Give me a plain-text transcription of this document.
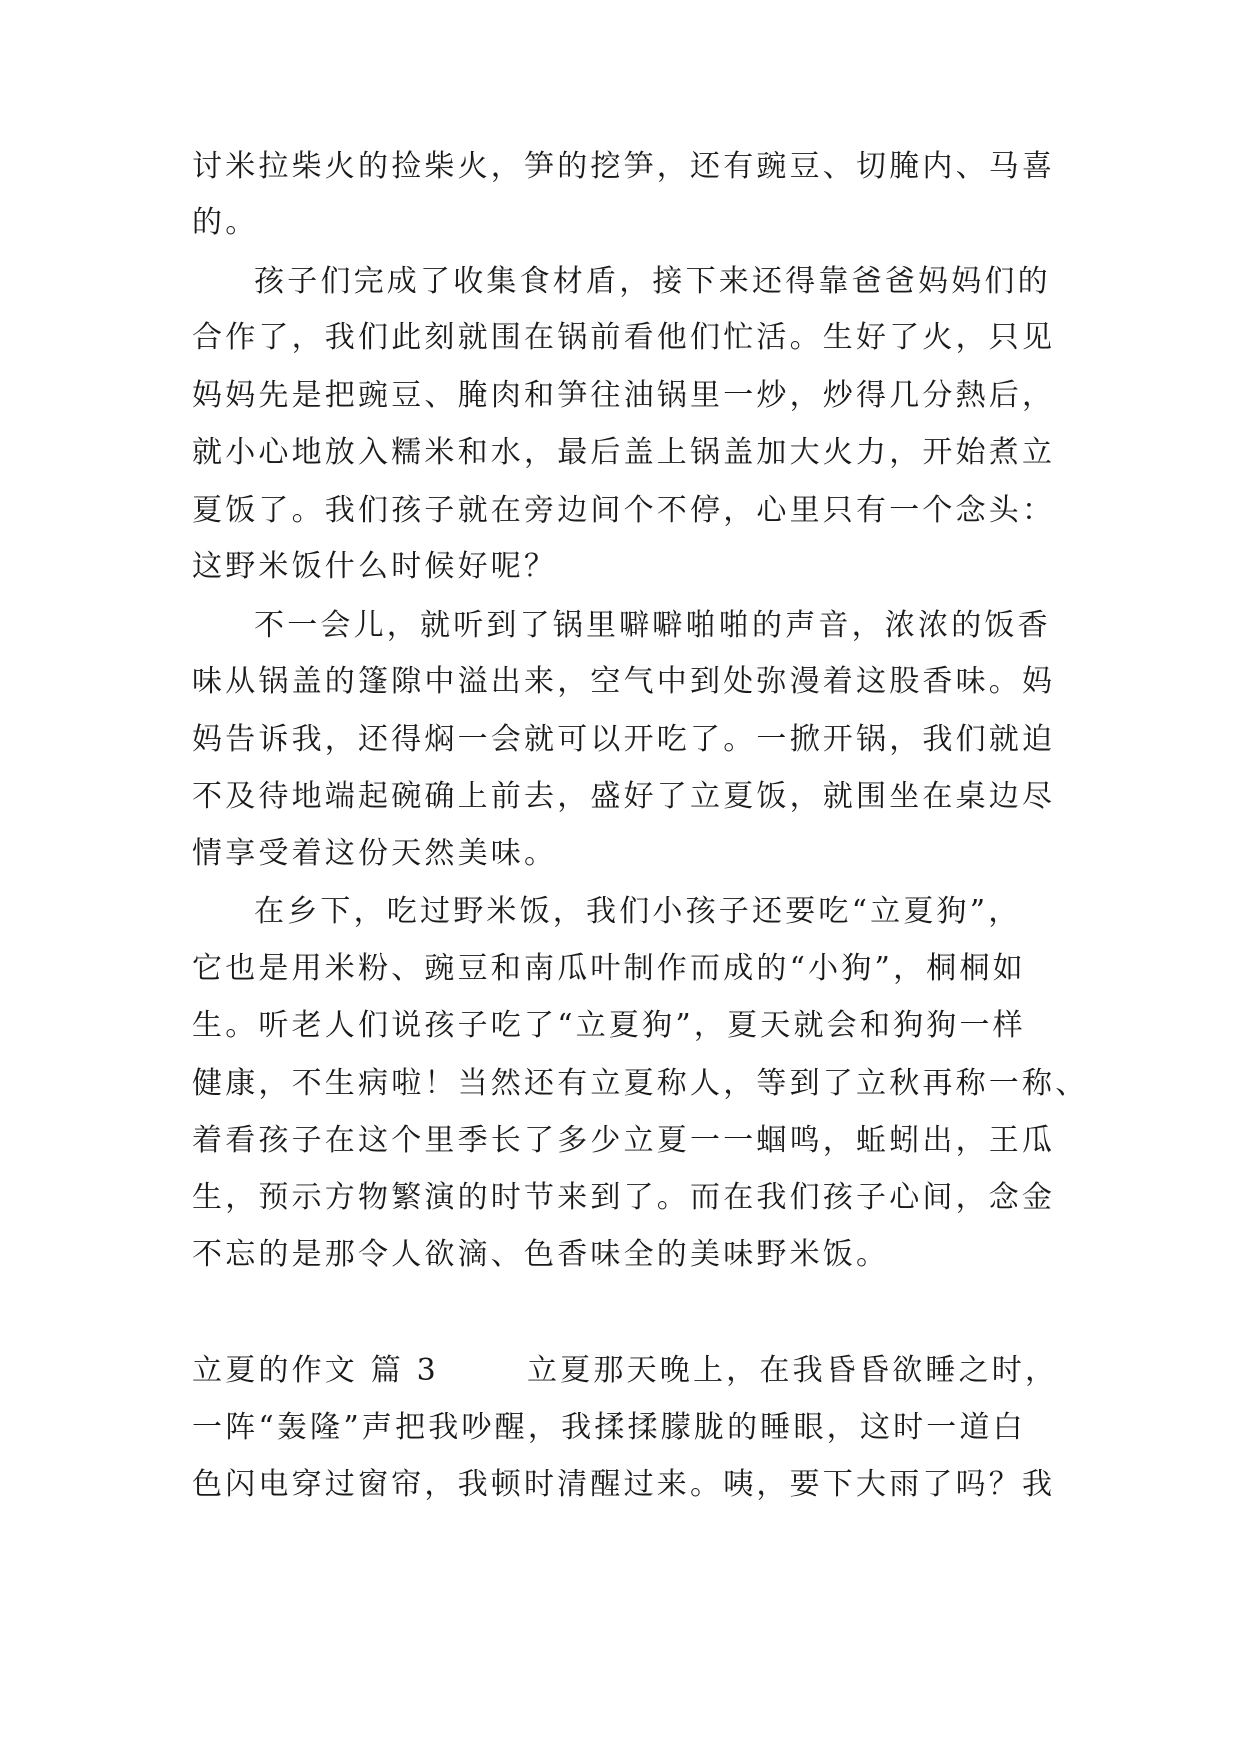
讨米拉柴火的捡柴火，笋的挖笋，还有豌豆、切腌内、马喜
的。
孩子们完成了收集食材盾，接下来还得靠爸爸妈妈们的
合作了，我们此刻就围在锅前看他们忙活。生好了火，只见
妈妈先是把豌豆、腌肉和笋往油锅里一炒，炒得几分熱后，
就小心地放入糯米和水，最后盖上锅盖加大火力，开始煮立
夏饭了。我们孩子就在旁边间个不停，心里只有一个念头：
这野米饭什么时候好呢？
不一会儿，就听到了锅里噼噼啪啪的声音，浓浓的饭香
味从锅盖的篷隙中溢出来，空气中到处弥漫着这股香味。妈
妈告诉我，还得焖一会就可以开吃了。一掀开锅，我们就迫
不及待地端起碗确上前去，盛好了立夏饭，就围坐在桌边尽
情享受着这份天然美味。
在乡下，吃过野米饭，我们小孩子还要吃“立夏狗”，
它也是用米粉、豌豆和南瓜叶制作而成的“小狗”，桐桐如
生。听老人们说孩子吃了“立夏狗”，夏天就会和狗狗一样
健康，不生病啦！当然还有立夏称人，等到了立秋再称一称、
着看孩子在这个里季长了多少立夏一一蝈鸣，蚯蚓出，王瓜
生，预示方物繁演的时节来到了。而在我们孩子心间，念金
不忘的是那令人欲滴、色香味全的美味野米饭。
立夏的作文 篇 3	立夏那天晚上，在我昏昏欲睡之时，
一阵“轰隆”声把我吵醒，我揉揉朦胧的睡眼，这时一道白
色闪电穿过窗帘，我顿时清醒过来。咦，要下大雨了吗？我
